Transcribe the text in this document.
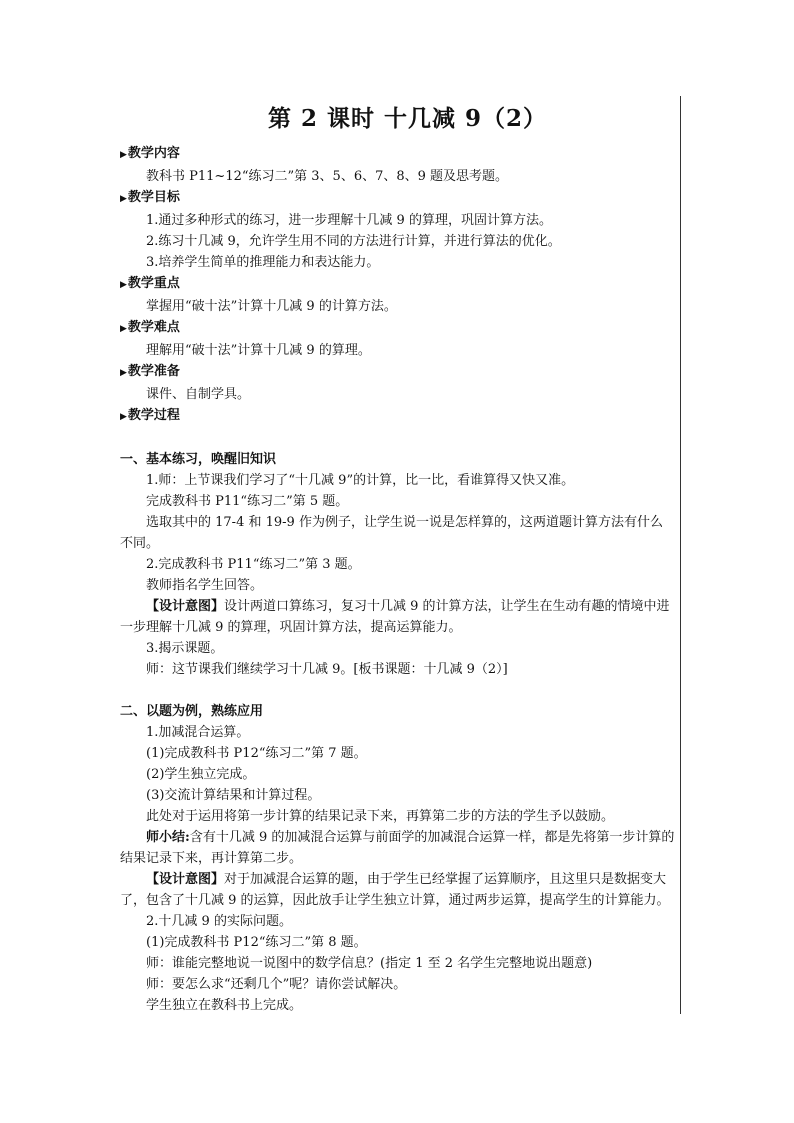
第 2 课时 十几减 9（2）

▶教学内容

教科书 P11~12“练习二”第 3、5、6、7、8、9 题及思考题。

▶教学目标

1.通过多种形式的练习，进一步理解十几减 9 的算理，巩固计算方法。

2.练习十几减 9，允许学生用不同的方法进行计算，并进行算法的优化。

3.培养学生简单的推理能力和表达能力。

▶教学重点

掌握用“破十法”计算十几减 9 的计算方法。

▶教学难点

理解用“破十法”计算十几减 9 的算理。

▶教学准备

课件、自制学具。

▶教学过程

一、基本练习，唤醒旧知识

1.师：上节课我们学习了“十几减 9”的计算，比一比，看谁算得又快又准。

完成教科书 P11“练习二”第 5 题。

选取其中的 17-4 和 19-9 作为例子，让学生说一说是怎样算的，这两道题计算方法有什么不同。

2.完成教科书 P11“练习二”第 3 题。

教师指名学生回答。

【设计意图】设计两道口算练习，复习十几减 9 的计算方法，让学生在生动有趣的情境中进一步理解十几减 9 的算理，巩固计算方法，提高运算能力。

3.揭示课题。

师：这节课我们继续学习十几减 9。[板书课题：十几减 9（2）]

二、以题为例，熟练应用

1.加减混合运算。

(1)完成教科书 P12“练习二”第 7 题。

(2)学生独立完成。

(3)交流计算结果和计算过程。

此处对于运用将第一步计算的结果记录下来，再算第二步的方法的学生予以鼓励。

师小结:含有十几减 9 的加减混合运算与前面学的加减混合运算一样，都是先将第一步计算的结果记录下来，再计算第二步。

【设计意图】对于加减混合运算的题，由于学生已经掌握了运算顺序，且这里只是数据变大了，包含了十几减 9 的运算，因此放手让学生独立计算，通过两步运算，提高学生的计算能力。

2.十几减 9 的实际问题。

(1)完成教科书 P12“练习二”第 8 题。

师：谁能完整地说一说图中的数学信息？(指定 1 至 2 名学生完整地说出题意)

师：要怎么求“还剩几个”呢？请你尝试解决。

学生独立在教科书上完成。
